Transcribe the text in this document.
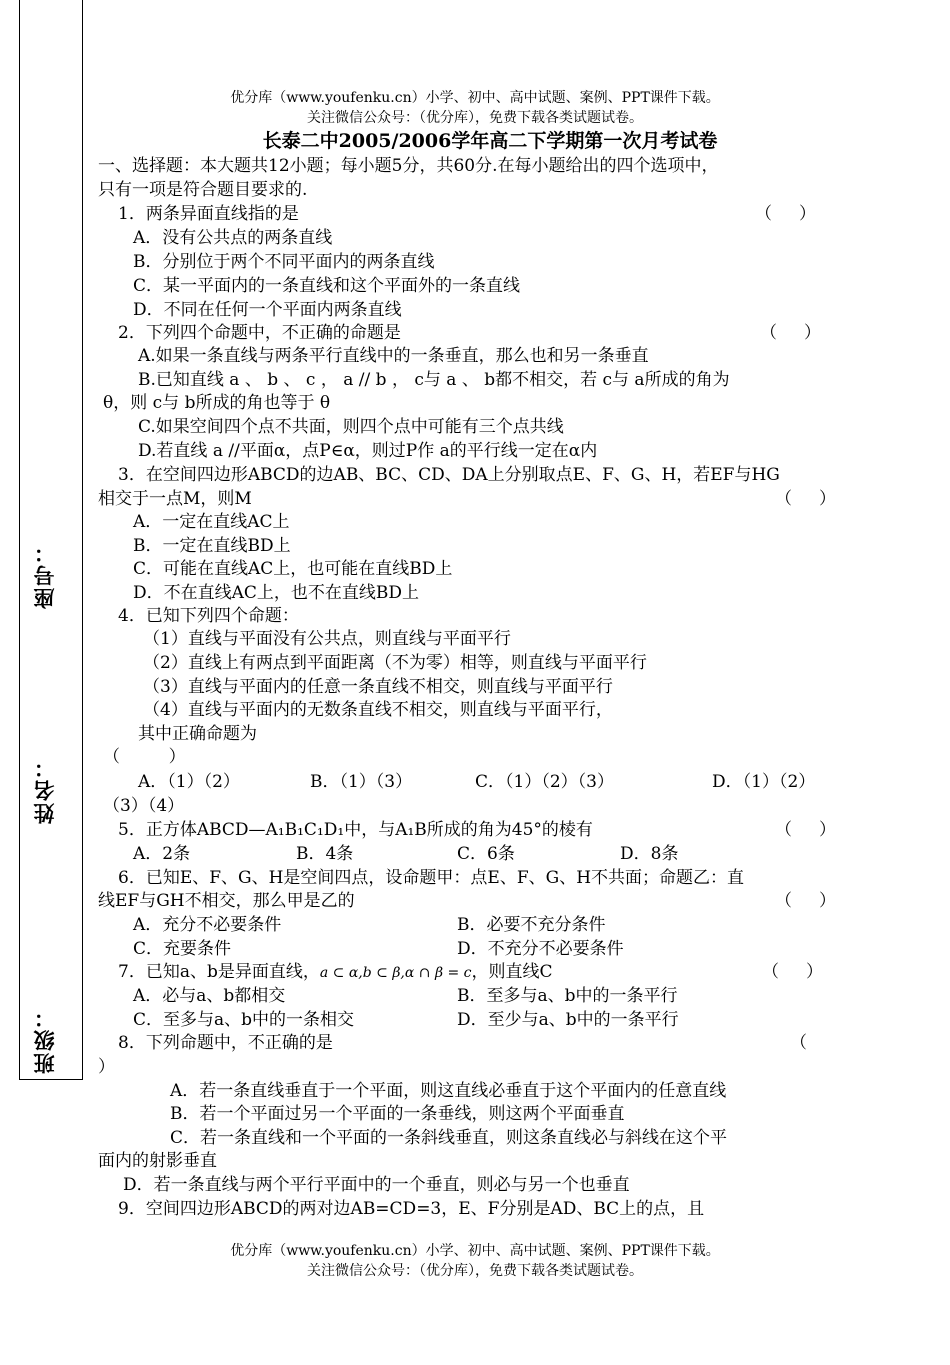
座号：
姓名：
班级：
优分库（www.youfenku.cn）小学、初中、高中试题、案例、PPT课件下载。
关注微信公众号：（优分库），免费下载各类试题试卷。
长泰二中2005/2006学年高二下学期第一次月考试卷
一、选择题：本大题共12小题；每小题5分，共60分.在每小题给出的四个选项中，
只有一项是符合题目要求的.
1．两条异面直线指的是	（     ）
A．没有公共点的两条直线
B．分别位于两个不同平面内的两条直线
C．某一平面内的一条直线和这个平面外的一条直线
D．不同在任何一个平面内两条直线
2．下列四个命题中，不正确的命题是	（     ）
A.如果一条直线与两条平行直线中的一条垂直，那么也和另一条垂直
B.已知直线 a 、 b 、 c ， a // b ， c与 a 、 b都不相交，若 c与 a所成的角为
θ，则 c与 b所成的角也等于 θ
C.如果空间四个点不共面，则四个点中可能有三个点共线
D.若直线 a //平面α，点P∈α，则过P作 a的平行线一定在α内
3．在空间四边形ABCD的边AB、BC、CD、DA上分别取点E、F、G、H，若EF与HG
相交于一点M，则M	（     ）
A．一定在直线AC上
B．一定在直线BD上
C．可能在直线AC上，也可能在直线BD上
D．不在直线AC上，也不在直线BD上
4．已知下列四个命题：
（1）直线与平面没有公共点，则直线与平面平行
（2）直线上有两点到平面距离（不为零）相等，则直线与平面平行
（3）直线与平面内的任意一条直线不相交，则直线与平面平行
（4）直线与平面内的无数条直线不相交，则直线与平面平行，
其中正确命题为
（         ）
A．（1）（2）	B．（1）（3）	C．（1）（2）（3）	D．（1）（2）
（3）（4）
5．正方体ABCD—A₁B₁C₁D₁中，与A₁B所成的角为45°的棱有	（     ）
A．2条	B．4条	C．6条	D．8条
6．已知E、F、G、H是空间四点，设命题甲：点E、F、G、H不共面；命题乙：直
线EF与GH不相交，那么甲是乙的	（     ）
A．充分不必要条件	B．必要不充分条件
C．充要条件	D．不充分不必要条件
7．已知a、b是异面直线，a ⊂ α,b ⊂ β,α ∩ β = c，则直线C	（     ）
A．必与a、b都相交	B．至多与a、b中的一条平行
C．至多与a、b中的一条相交	D．至少与a、b中的一条平行
8．下列命题中，不正确的是	（
）
A．若一条直线垂直于一个平面，则这直线必垂直于这个平面内的任意直线
B．若一个平面过另一个平面的一条垂线，则这两个平面垂直
C．若一条直线和一个平面的一条斜线垂直，则这条直线必与斜线在这个平
面内的射影垂直
D．若一条直线与两个平行平面中的一个垂直，则必与另一个也垂直
9．空间四边形ABCD的两对边AB=CD=3，E、F分别是AD、BC上的点，且
优分库（www.youfenku.cn）小学、初中、高中试题、案例、PPT课件下载。
关注微信公众号：（优分库），免费下载各类试题试卷。
